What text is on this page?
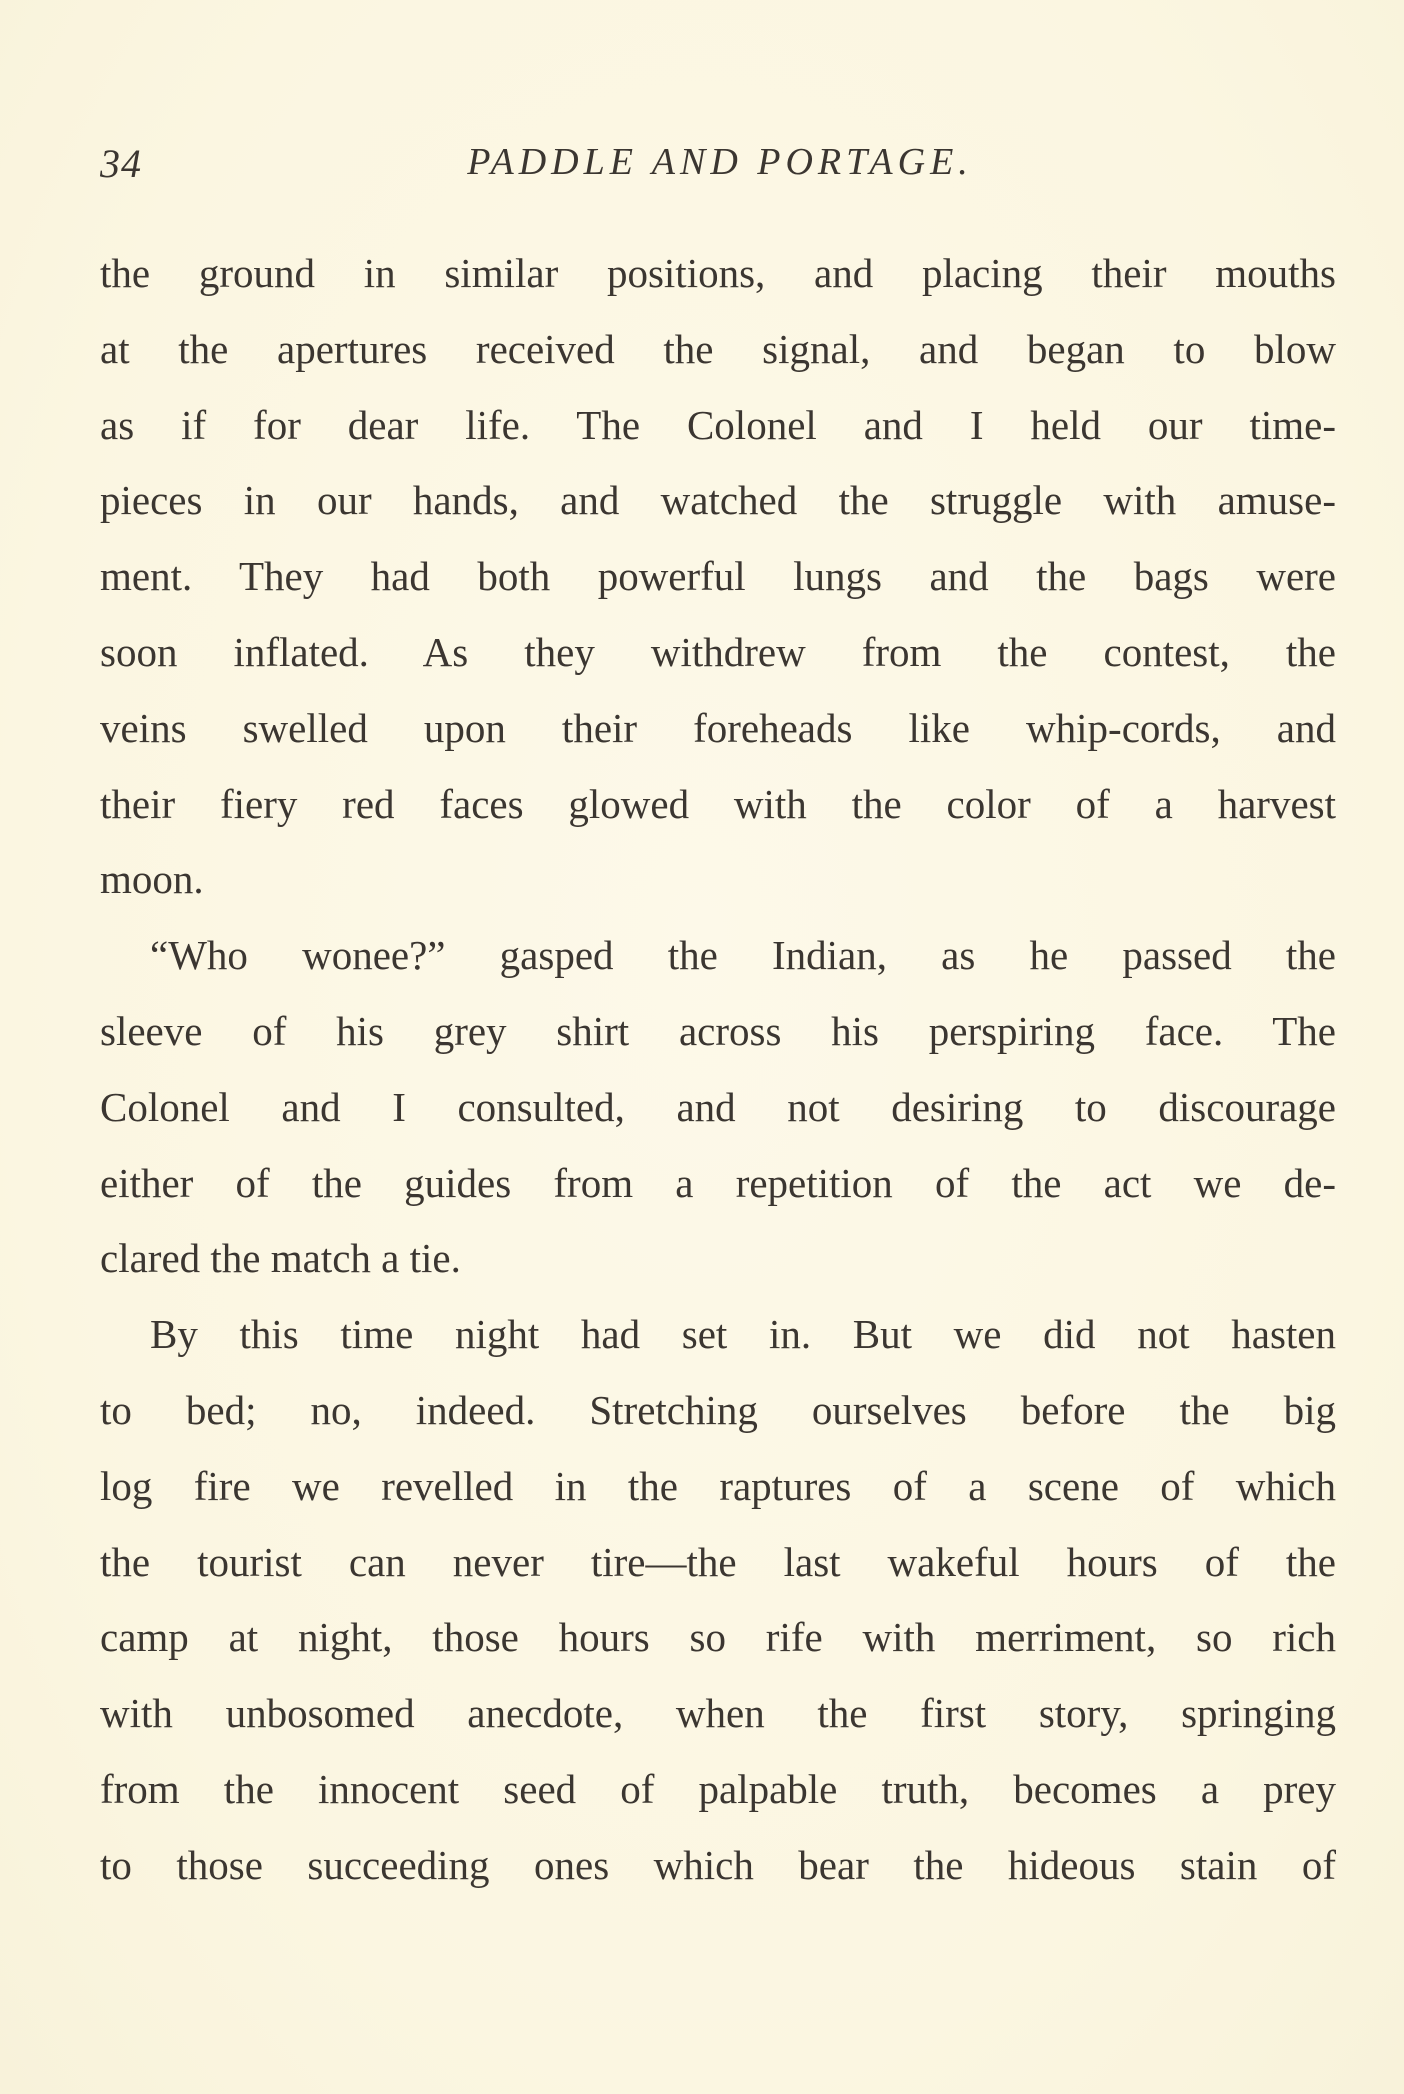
34	PADDLE AND PORTAGE.
the ground in similar positions, and placing their mouths
at the apertures received the signal, and began to blow
as if for dear life. The Colonel and I held our time-
pieces in our hands, and watched the struggle with amuse-
ment. They had both powerful lungs and the bags were
soon inflated. As they withdrew from the contest, the
veins swelled upon their foreheads like whip-cords, and
their fiery red faces glowed with the color of a harvest
moon.
“Who wonee?” gasped the Indian, as he passed the
sleeve of his grey shirt across his perspiring face. The
Colonel and I consulted, and not desiring to discourage
either of the guides from a repetition of the act we de-
clared the match a tie.
By this time night had set in. But we did not hasten
to bed; no, indeed. Stretching ourselves before the big
log fire we revelled in the raptures of a scene of which
the tourist can never tire—the last wakeful hours of the
camp at night, those hours so rife with merriment, so rich
with unbosomed anecdote, when the first story, springing
from the innocent seed of palpable truth, becomes a prey
to those succeeding ones which bear the hideous stain of
